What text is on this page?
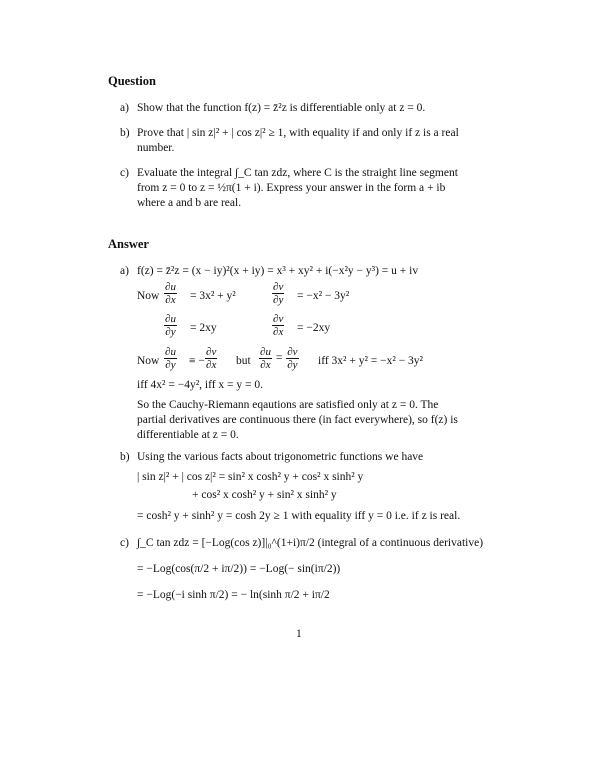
Question
a) Show that the function f(z) = z̄²z is differentiable only at z = 0.
b) Prove that | sin z|² + | cos z|² ≥ 1, with equality if and only if z is a real
number.
c) Evaluate the integral ∫_C tan zdz, where C is the straight line segment
from z = 0 to z = ½π(1 + i). Express your answer in the form a + ib
where a and b are real.
Answer
a) f(z) = z̄²z = (x − iy)²(x + iy) = x³ + xy² + i(−x²y − y³) = u + iv
Now $\frac{\partial u}{\partial x} = 3x^2 + y^2$	$\frac{\partial v}{\partial y} = -x^2 - 3y^2$
$\frac{\partial u}{\partial y} = 2xy$	$\frac{\partial v}{\partial x} = -2xy$
Now $\frac{\partial u}{\partial y}$ ≡ − $\frac{\partial v}{\partial x}$ but $\frac{\partial u}{\partial x} = \frac{\partial v}{\partial y}$ iff 3x² + y² = −x² − 3y²
iff 4x² = −4y², iff x = y = 0.
So the Cauchy-Riemann eqautions are satisfied only at z = 0. The
partial derivatives are continuous there (in fact everywhere), so f(z) is
differentiable at z = 0.
b) Using the various facts about trigonometric functions we have
| sin z|² + | cos z|² = sin² x cosh² y + cos² x sinh² y
+ cos² x cosh² y + sin² x sinh² y
= cosh² y + sinh² y = cosh 2y ≥ 1 with equality iff y = 0 i.e. if z is real.
c) ∫_C tan zdz = [−Log(cos z)]|₀^(1+i)π/2 (integral of a continuous derivative)
= −Log(cos(π/2 + iπ/2)) = −Log(− sin(iπ/2))
= −Log(−i sinh π/2) = − ln(sinh π/2 + iπ/2
1
